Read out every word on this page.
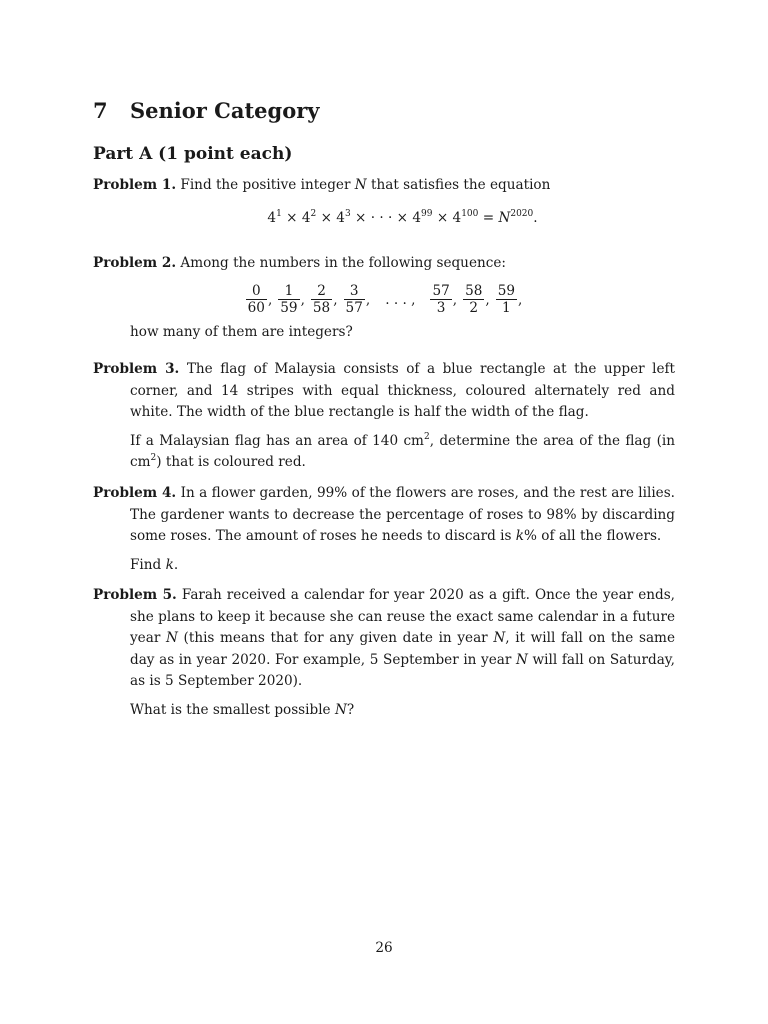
7 Senior Category
Part A (1 point each)

Problem 1. Find the positive integer N that satisfies the equation

$4^1 \times 4^2 \times 4^3$ × · · · × $4^{99} \times 4^{100} = N^{2020}$.

Problem 2. Among the numbers in the following sequence:

0
60 ,
1
59 ,
2
58 ,
3
57 , . . . ,
57
3 ,
58
2 ,
59
1 ,

how many of them are integers?

Problem 3. The flag of Malaysia consists of a blue rectangle at the upper left corner, and 14 stripes with equal thickness, coloured alternately red and white. The width of the blue rectangle is half the width of the flag.

If a Malaysian flag has an area of 140 $cm^2$, determine the area of the flag (in $cm^2$) that is coloured red.

Problem 4. In a flower garden, 99% of the flowers are roses, and the rest are lilies. The gardener wants to decrease the percentage of roses to 98% by discarding some roses. The amount of roses he needs to discard is k% of all the flowers.

Find k.

Problem 5. Farah received a calendar for year 2020 as a gift. Once the year ends, she plans to keep it because she can reuse the exact same calendar in a future year N (this means that for any given date in year N, it will fall on the same day as in year 2020. For example, 5 September in year N will fall on Saturday, as is 5 September 2020).

What is the smallest possible N?

26
